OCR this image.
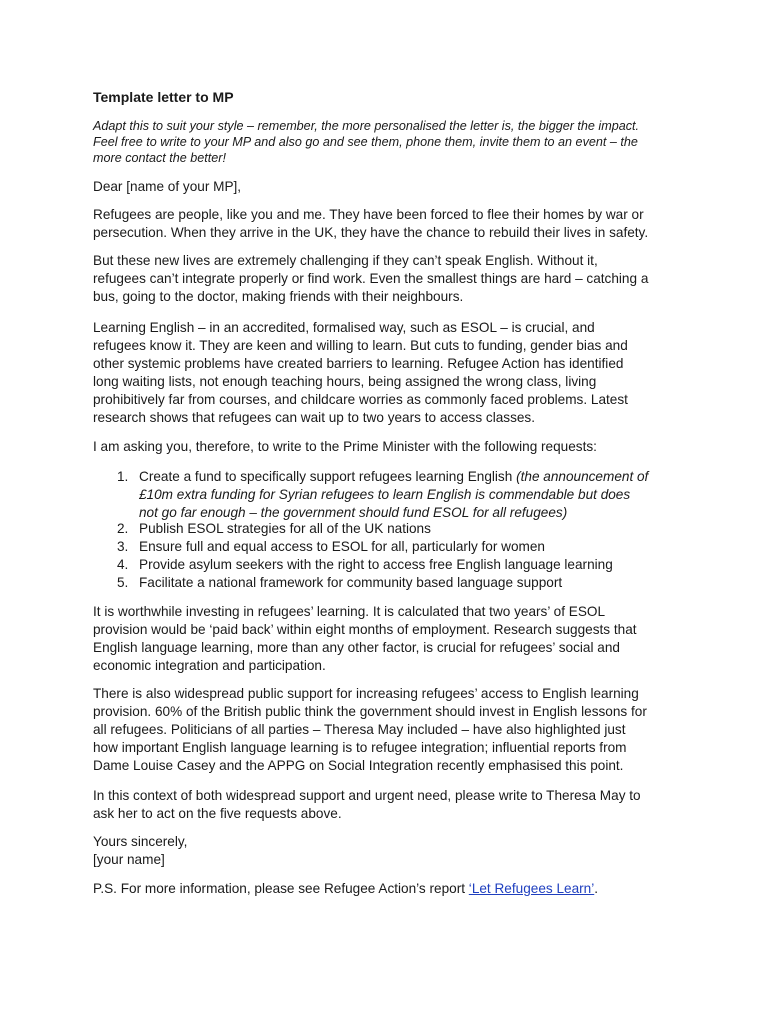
Template letter to MP
Adapt this to suit your style – remember, the more personalised the letter is, the bigger the impact.
Feel free to write to your MP and also go and see them, phone them, invite them to an event – the
more contact the better!
Dear [name of your MP],
Refugees are people, like you and me. They have been forced to flee their homes by war or
persecution. When they arrive in the UK, they have the chance to rebuild their lives in safety.
But these new lives are extremely challenging if they can’t speak English. Without it,
refugees can’t integrate properly or find work. Even the smallest things are hard – catching a
bus, going to the doctor, making friends with their neighbours.
Learning English – in an accredited, formalised way, such as ESOL – is crucial, and
refugees know it. They are keen and willing to learn. But cuts to funding, gender bias and
other systemic problems have created barriers to learning. Refugee Action has identified
long waiting lists, not enough teaching hours, being assigned the wrong class, living
prohibitively far from courses, and childcare worries as commonly faced problems. Latest
research shows that refugees can wait up to two years to access classes.
I am asking you, therefore, to write to the Prime Minister with the following requests:
1. Create a fund to specifically support refugees learning English (the announcement of
£10m extra funding for Syrian refugees to learn English is commendable but does
not go far enough – the government should fund ESOL for all refugees)
2. Publish ESOL strategies for all of the UK nations
3. Ensure full and equal access to ESOL for all, particularly for women
4. Provide asylum seekers with the right to access free English language learning
5. Facilitate a national framework for community based language support
It is worthwhile investing in refugees’ learning. It is calculated that two years’ of ESOL
provision would be ‘paid back’ within eight months of employment. Research suggests that
English language learning, more than any other factor, is crucial for refugees’ social and
economic integration and participation.
There is also widespread public support for increasing refugees’ access to English learning
provision. 60% of the British public think the government should invest in English lessons for
all refugees. Politicians of all parties – Theresa May included – have also highlighted just
how important English language learning is to refugee integration; influential reports from
Dame Louise Casey and the APPG on Social Integration recently emphasised this point.
In this context of both widespread support and urgent need, please write to Theresa May to
ask her to act on the five requests above.
Yours sincerely,
[your name]
P.S. For more information, please see Refugee Action’s report ‘Let Refugees Learn’.
